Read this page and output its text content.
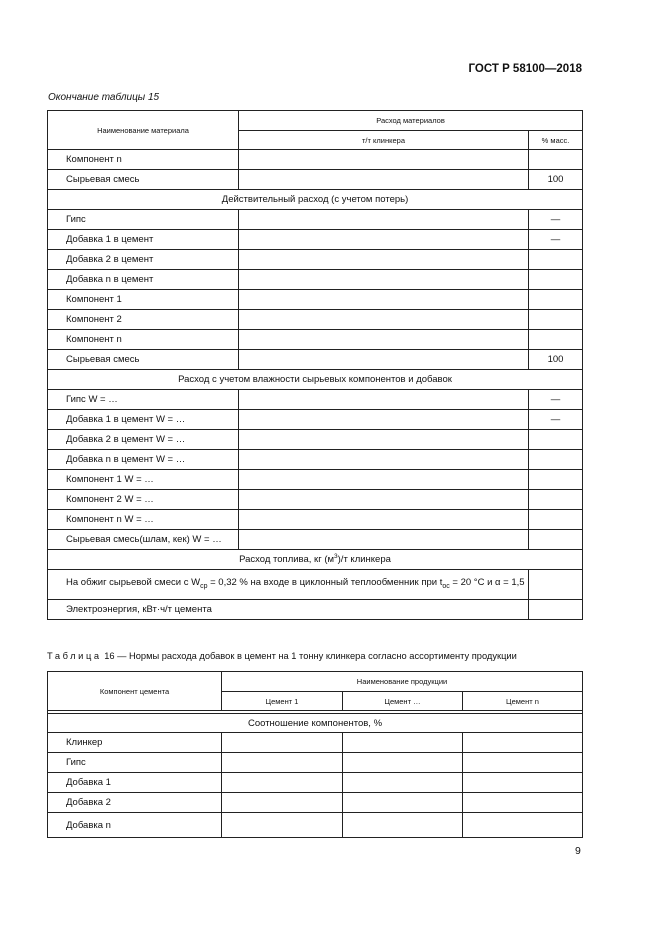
ГОСТ Р 58100—2018
Окончание таблицы 15
Наименование материала	Расход материалов	
	т/т клинкера	% масс.
Компонент n		
Сырьевая смесь		100
Действительный расход (с учетом потерь)		
Гипс		—
Добавка 1 в цемент		—
Добавка 2 в цемент		
Добавка n в цемент		
Компонент 1		
Компонент 2		
Компонент n		
Сырьевая смесь		100
Расход с учетом влажности сырьевых компонентов и добавок		
Гипс W = …		—
Добавка 1 в цемент W = …		—
Добавка 2 в цемент W = …		
Добавка n в цемент W = …		
Компонент 1 W = …		
Компонент 2 W = …		
Компонент n W = …		
Сырьевая смесь(шлам, кек) W = …		
Расход топлива, кг $(м^3)/т$ клинкера		
На обжиг сырьевой смеси с $W_{ср} = 0,32$ % на входе в циклонный теплообменник при $t_{ос} = 20$ °С и α = 1,5		
Электроэнергия, кВт·ч/т цемента		
Таблица 16 — Нормы расхода добавок в цемент на 1 тонну клинкера согласно ассортименту продукции
Компонент цемента	Наименование продукции		
	Цемент 1	Цемент …	Цемент n

Соотношение компонентов, %			
Клинкер			
Гипс			
Добавка 1			
Добавка 2			
Добавка n			
9
